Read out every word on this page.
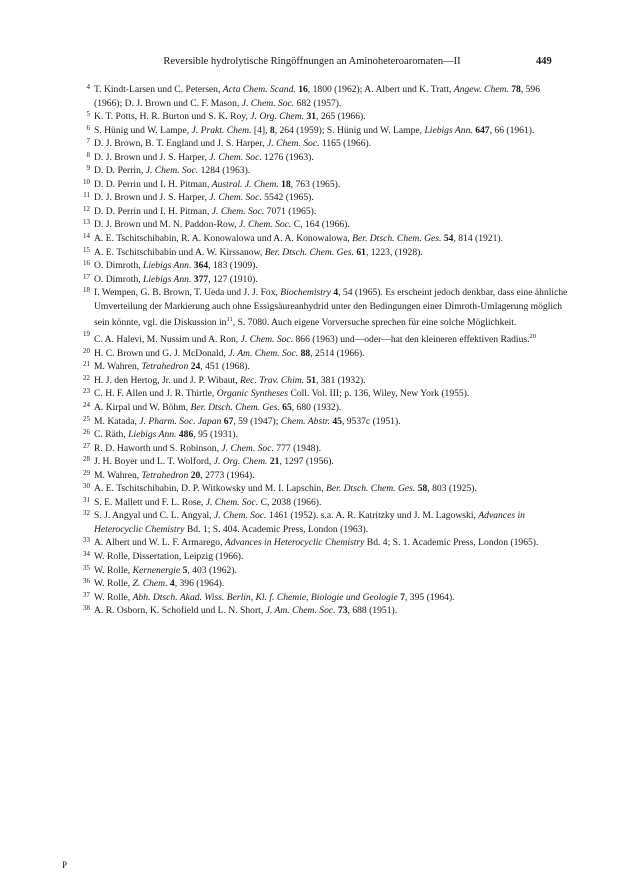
Reversible hydrolytische Ringöffnungen an Aminoheteroaromaten—II	449
4 T. Kindt-Larsen und C. Petersen, Acta Chem. Scand. 16, 1800 (1962); A. Albert und K. Tratt, Angew. Chem. 78, 596 (1966); D. J. Brown und C. F. Mason, J. Chem. Soc. 682 (1957).
5 K. T. Potts, H. R. Burton und S. K. Roy, J. Org. Chem. 31, 265 (1966).
6 S. Hünig und W. Lampe, J. Prakt. Chem. [4], 8, 264 (1959); S. Hünig und W. Lampe, Liebigs Ann. 647, 66 (1961).
7 D. J. Brown, B. T. England und J. S. Harper, J. Chem. Soc. 1165 (1966).
8 D. J. Brown und J. S. Harper, J. Chem. Soc. 1276 (1963).
9 D. D. Perrin, J. Chem. Soc. 1284 (1963).
10 D. D. Perrin und I. H. Pitman, Austral. J. Chem. 18, 763 (1965).
11 D. J. Brown und J. S. Harper, J. Chem. Soc. 5542 (1965).
12 D. D. Perrin und I. H. Pitman, J. Chem. Soc. 7071 (1965).
13 D. J. Brown und M. N. Paddon-Row, J. Chem. Soc. C, 164 (1966).
14 A. E. Tschitschibabin, R. A. Konowalowa und A. A. Konowalowa, Ber. Dtsch. Chem. Ges. 54, 814 (1921).
15 A. E. Tschitschibabin und A. W. Kirssanow, Ber. Dtsch. Chem. Ges. 61, 1223, (1928).
16 O. Dimroth, Liebigs Ann. 364, 183 (1909).
17 O. Dimroth, Liebigs Ann. 377, 127 (1910).
18 I. Wempen, G. B. Brown, T. Ueda und J. J. Fox, Biochemistry 4, 54 (1965). Es erscheint jedoch denkbar, dass eine ähnliche Umverteilung der Markierung auch ohne Essigsäureanhydrid unter den Bedingungen einer Dimroth-Umlagerung möglich sein könnte, vgl. die Diskussion $in^{11}$, S. 7080. Auch eigene Vorversuche sprechen für eine solche Möglichkeit.
19
C. A. Halevi, M. Nussim und A. Ron, J. Chem. Soc. 866 (1963) und—oder—hat den kleineren effektiven Radius.$^{20}$
20 H. C. Brown und G. J. McDonald, J. Am. Chem. Soc. 88, 2514 (1966).
21 M. Wahren, Tetrahedron 24, 451 (1968).
22 H. J. den Hertog, Jr. und J. P. Wibaut, Rec. Trav. Chim. 51, 381 (1932).
23 C. H. F. Allen und J. R. Thirtle, Organic Syntheses Coll. Vol. III; p. 136, Wiley, New York (1955).
24 A. Kirpal und W. Böhm, Ber. Dtsch. Chem. Ges. 65, 680 (1932).
25 M. Katada, J. Pharm. Soc. Japan 67, 59 (1947); Chem. Abstr. 45, 9537c (1951).
26 C. Räth, Liebigs Ann. 486, 95 (1931).
27 R. D. Haworth und S. Robinson, J. Chem. Soc. 777 (1948).
28 J. H. Boyer und L. T. Wolford, J. Org. Chem. 21, 1297 (1956).
29 M. Wahren, Tetrahedron 20, 2773 (1964).
30 A. E. Tschitschibabin, D. P. Witkowsky und M. I. Lapschin, Ber. Dtsch. Chem. Ges. 58, 803 (1925).
31 S. E. Mallett und F. L. Rose, J. Chem. Soc. C, 2038 (1966).
32 S. J. Angyal und C. L. Angyal, J. Chem. Soc. 1461 (1952). s.a. A. R. Katritzky und J. M. Lagowski, Advances in Heterocyclic Chemistry Bd. 1; S. 404. Academic Press, London (1963).
33 A. Albert und W. L. F. Armarego, Advances in Heterocyclic Chemistry Bd. 4; S. 1. Academic Press, London (1965).
34 W. Rolle, Dissertation, Leipzig (1966).
35 W. Rolle, Kernenergie 5, 403 (1962).
36 W. Rolle, Z. Chem. 4, 396 (1964).
37 W. Rolle, Abh. Dtsch. Akad. Wiss. Berlin, Kl. f. Chemie, Biologie und Geologie 7, 395 (1964).
38 A. R. Osborn, K. Schofield und L. N. Short, J. Am. Chem. Soc. 73, 688 (1951).
P
